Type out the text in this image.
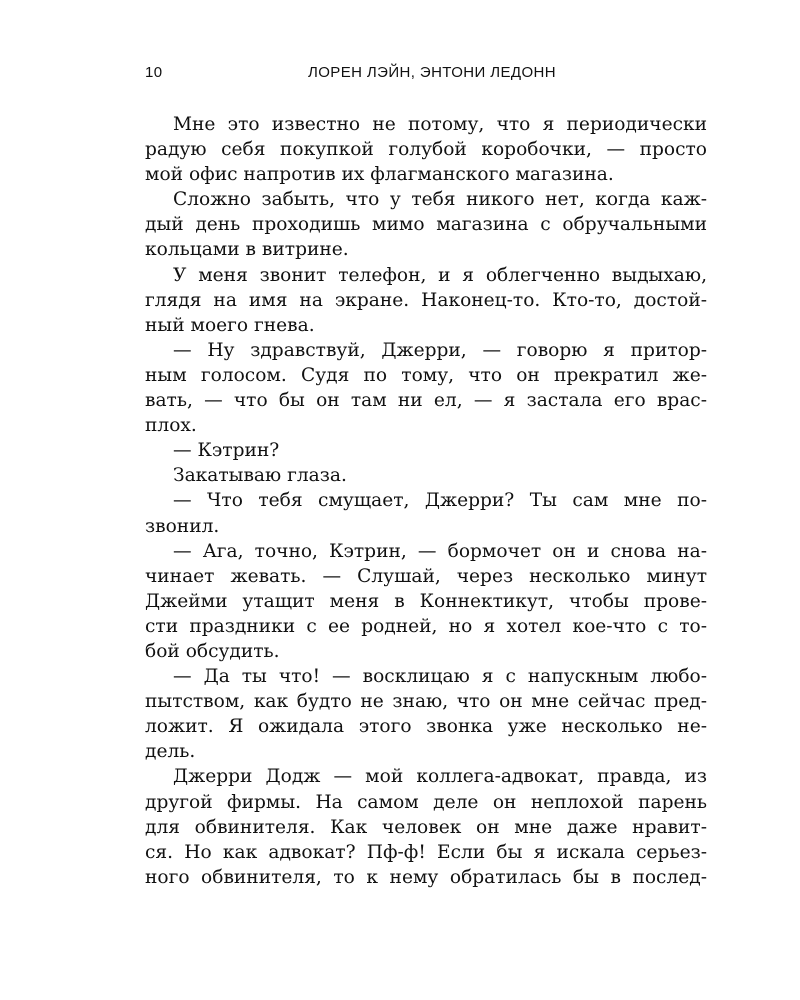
10	ЛОРЕН ЛЭЙН, ЭНТОНИ ЛЕДОНН
Мне это известно не потому, что я периодически
радую себя покупкой голубой коробочки, — просто
мой офис напротив их флагманского магазина.
Сложно забыть, что у тебя никого нет, когда каж-
дый день проходишь мимо магазина с обручальными
кольцами в витрине.
У меня звонит телефон, и я облегченно выдыхаю,
глядя на имя на экране. Наконец-то. Кто-то, достой-
ный моего гнева.
— Ну здравствуй, Джерри, — говорю я притор-
ным голосом. Судя по тому, что он прекратил же-
вать, — что бы он там ни ел, — я застала его врас-
плох.
— Кэтрин?
Закатываю глаза.
— Что тебя смущает, Джерри? Ты сам мне по-
звонил.
— Ага, точно, Кэтрин, — бормочет он и снова на-
чинает жевать. — Слушай, через несколько минут
Джейми утащит меня в Коннектикут, чтобы прове-
сти праздники с ее родней, но я хотел кое-что с то-
бой обсудить.
— Да ты что! — восклицаю я с напускным любо-
пытством, как будто не знаю, что он мне сейчас пред-
ложит. Я ожидала этого звонка уже несколько не-
дель.
Джерри Додж — мой коллега-адвокат, правда, из
другой фирмы. На самом деле он неплохой парень
для обвинителя. Как человек он мне даже нравит-
ся. Но как адвокат? Пф-ф! Если бы я искала серьез-
ного обвинителя, то к нему обратилась бы в послед-
